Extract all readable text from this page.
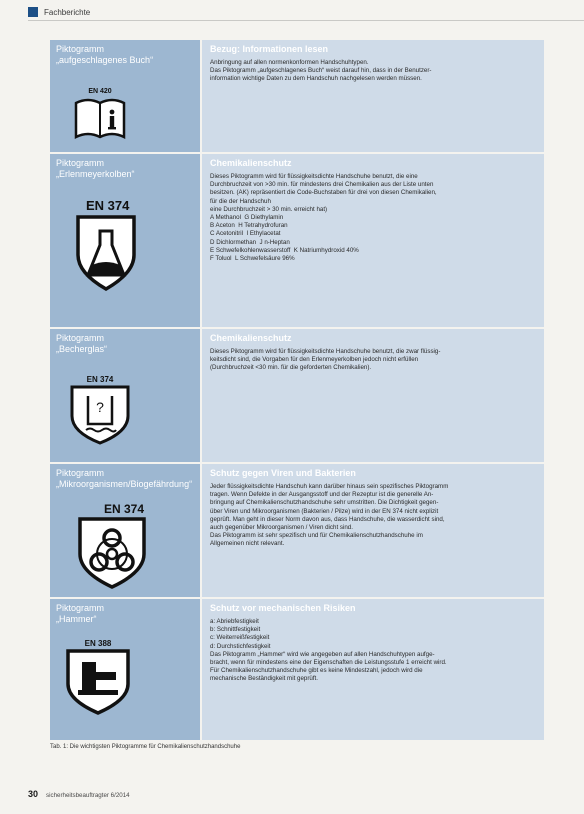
Fachberichte
Piktogramm
„aufgeschlagenes Buch“
EN 420
Bezug: Informationen lesen
Anbringung auf allen normenkonformen Handschuhtypen.
Das Piktogramm „aufgeschlagenes Buch“ weist darauf hin, dass in der Benutzer-
information wichtige Daten zu dem Handschuh nachgelesen werden müssen.
Piktogramm
„Erlenmeyerkolben“
EN 374
Chemikalienschutz
Dieses Piktogramm wird für flüssigkeitsdichte Handschuhe benutzt, die eine
Durchbruchzeit von >30 min. für mindestens drei Chemikalien aus der Liste unten
besitzen. (AK) repräsentiert die Code-Buchstaben für drei von diesen Chemikalien,
für die der Handschuh
eine Durchbruchzeit > 30 min. erreicht hat)
A Methanol  G Diethylamin
B Aceton  H Tetrahydrofuran
C Acetonitril  I Ethylacetat
D Dichlormethan  J n-Heptan
E Schwefelkohlenwasserstoff  K Natriumhydroxid 40%
F Toluol  L Schwefelsäure 96%
Piktogramm
„Becherglas“
EN 374
?
Chemikalienschutz
Dieses Piktogramm wird für flüssigkeitsdichte Handschuhe benutzt, die zwar flüssig-
keitsdicht sind, die Vorgaben für den Erlenmeyerkolben jedoch nicht erfüllen
(Durchbruchzeit <30 min. für die geforderten Chemikalien).
Piktogramm
„Mikroorganismen/Biogefährdung“
EN 374
Schutz gegen Viren und Bakterien
Jeder flüssigkeitsdichte Handschuh kann darüber hinaus sein spezifisches Piktogramm
tragen. Wenn Defekte in der Ausgangsstoff und der Rezeptur ist die generelle An-
bringung auf Chemikalienschutzhandschuhe sehr umstritten. Die Dichtigkeit gegen-
über Viren und Mikroorganismen (Bakterien / Pilze) wird in der EN 374 nicht explizit
geprüft. Man geht in dieser Norm davon aus, dass Handschuhe, die wasserdicht sind,
auch gegenüber Mikroorganismen / Viren dicht sind.
Das Piktogramm ist sehr spezifisch und für Chemikalienschutzhandschuhe im
Allgemeinen nicht relevant.
Piktogramm
„Hammer“
EN 388
Schutz vor mechanischen Risiken
a: Abriebfestigkeit
b: Schnittfestigkeit
c: Weiterreißfestigkeit
d: Durchstichfestigkeit
Das Piktogramm „Hammer“ wird wie angegeben auf allen Handschuhtypen aufge-
bracht, wenn für mindestens eine der Eigenschaften die Leistungsstufe 1 erreicht wird.
Für Chemikalienschutzhandschuhe gibt es keine Mindestzahl, jedoch wird die
mechanische Beständigkeit mit geprüft.
Tab. 1: Die wichtigsten Piktogramme für Chemikalienschutzhandschuhe
30 sicherheitsbeauftragter 6/2014
